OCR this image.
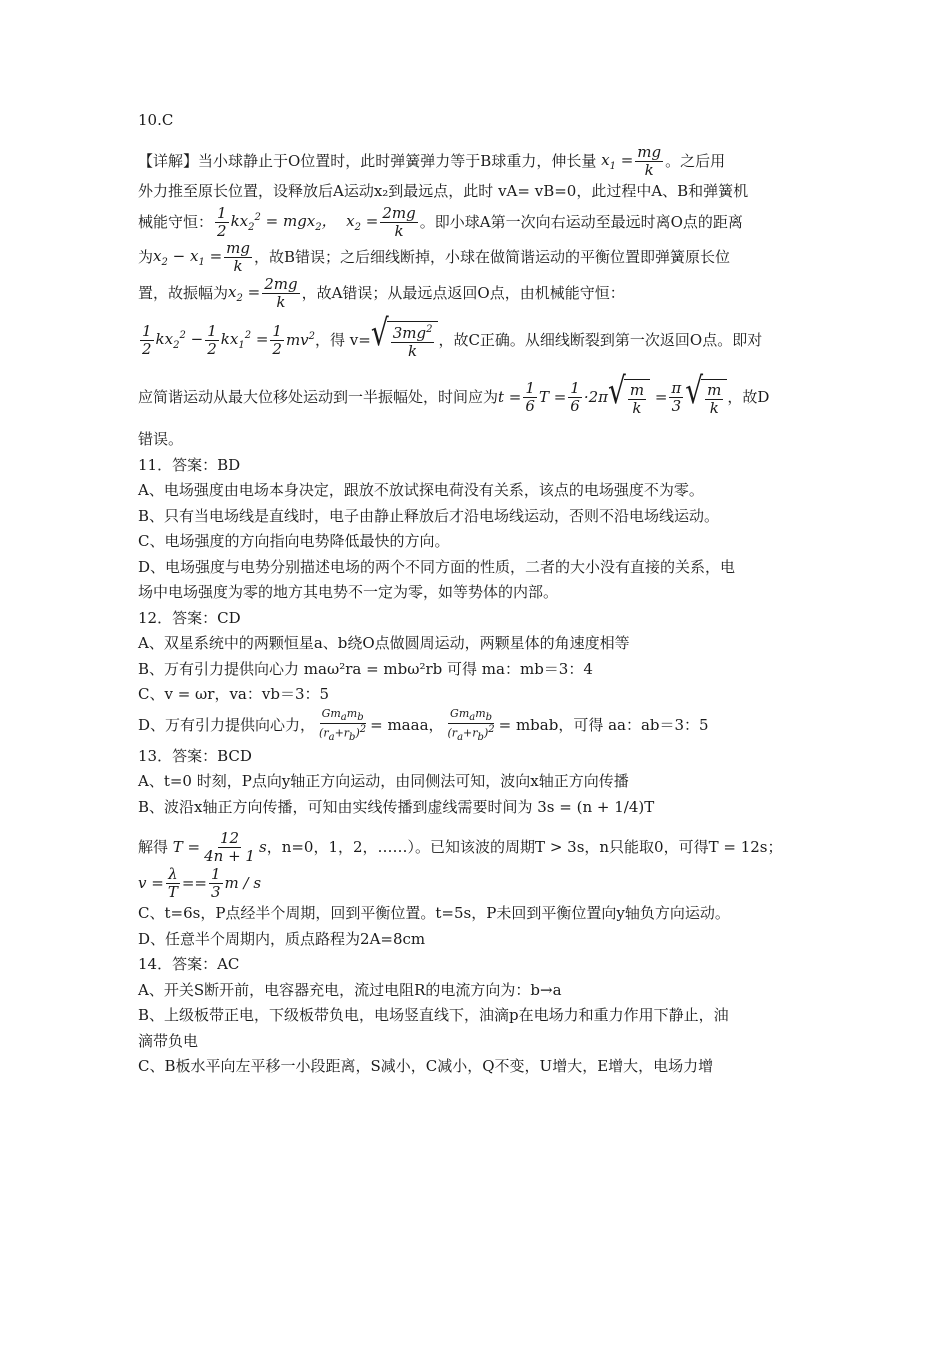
10.C
【详解】当小球静止于O位置时，此时弹簧弹力等于B球重力，伸长量 $x_1 = \frac{mg}{k}$ 。之后用
外力推至原长位置，设释放后A运动x₂到最远点，此时 vA= vB=0，此过程中A、B和弹簧机
械能守恒： $\frac{1}{2} kx_2^2 = mgx_2$，  $x_2 = \frac{2mg}{k}$ 。即小球A第一次向右运动至最远时离O点的距离
为 $x_2 - x_1 = \frac{mg}{k}$ ，故B错误；之后细线断掉，小球在做简谐运动的平衡位置即弹簧原长位
置，故振幅为 $x_2 = \frac{2mg}{k}$ ，故A错误；从最远点返回O点，由机械能守恒：
$\frac{1}{2} kx_2^2 - \frac{1}{2} kx_1^2 = \frac{1}{2} mv^2$ ，得 v= √ $\frac{3mg^2}{k}$ ，故C正确。从细线断裂到第一次返回O点。即对
应简谐运动从最大位移处运动到一半振幅处，时间应为 $t = \frac{1}{6}$ $T = \frac{1}{6} \cdot 2\pi$ √ $\frac{m}{k} = \frac{\pi}{3}$ √ $\frac{m}{k}$ ，故D
错误。
11．答案：BD
A、电场强度由电场本身决定，跟放不放试探电荷没有关系，该点的电场强度不为零。
B、只有当电场线是直线时，电子由静止释放后才沿电场线运动，否则不沿电场线运动。
C、电场强度的方向指向电势降低最快的方向。
D、电场强度与电势分别描述电场的两个不同方面的性质，二者的大小没有直接的关系，电
场中电场强度为零的地方其电势不一定为零，如等势体的内部。
12．答案：CD
A、双星系统中的两颗恒星a、b绕O点做圆周运动，两颗星体的角速度相等
B、万有引力提供向心力 maω²ra = mbω²rb 可得 ma：mb＝3：4
C、v = ωr，va：vb＝3：5
D、万有引力提供向心力， $\frac{Gm_am_b}{(r_a+r_b)^2}$ = maaa， $\frac{Gm_am_b}{(r_a+r_b)^2}$ = mbab，可得 aa：ab＝3：5
13．答案：BCD
A、t=0 时刻，P点向y轴正方向运动，由同侧法可知，波向x轴正方向传播
B、波沿x轴正方向传播，可知由实线传播到虚线需要时间为 3s = (n + 1/4)T
解得 $T = \frac{12}{4n + 1}$ s ，n=0，1，2，……）。已知该波的周期T > 3s，n只能取0，可得T = 12s；
$v = \frac{\lambda}{T} == \frac{1}{3}$ m / s
C、t=6s，P点经半个周期，回到平衡位置。t=5s，P未回到平衡位置向y轴负方向运动。
D、任意半个周期内，质点路程为2A=8cm
14．答案：AC
A、开关S断开前，电容器充电，流过电阻R的电流方向为：b→a
B、上级板带正电，下级板带负电，电场竖直线下，油滴p在电场力和重力作用下静止，油
滴带负电
C、B板水平向左平移一小段距离，S减小，C减小，Q不变，U增大，E增大，电场力增
